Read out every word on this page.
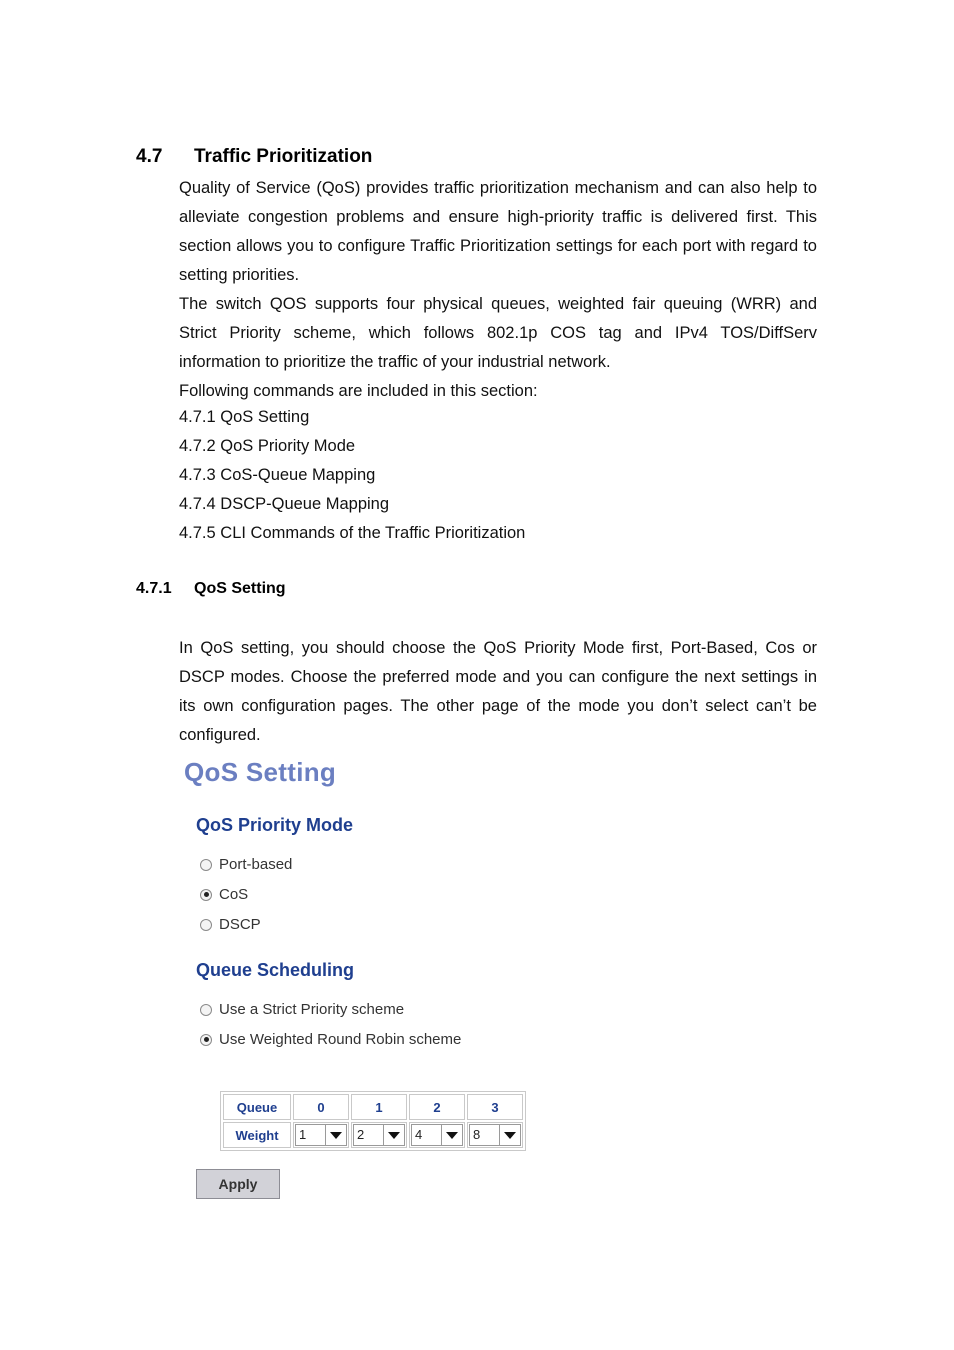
4.7 Traffic Prioritization

Quality of Service (QoS) provides traffic prioritization mechanism and can also help to alleviate congestion problems and ensure high-priority traffic is delivered first. This section allows you to configure Traffic Prioritization settings for each port with regard to setting priorities.

The switch QOS supports four physical queues, weighted fair queuing (WRR) and Strict Priority scheme, which follows 802.1p COS tag and IPv4 TOS/DiffServ information to prioritize the traffic of your industrial network.

Following commands are included in this section:

4.7.1 QoS Setting
4.7.2 QoS Priority Mode
4.7.3 CoS-Queue Mapping
4.7.4 DSCP-Queue Mapping
4.7.5 CLI Commands of the Traffic Prioritization
4.7.1 QoS Setting

In QoS setting, you should choose the QoS Priority Mode first, Port-Based, Cos or DSCP modes. Choose the preferred mode and you can configure the next settings in its own configuration pages. The other page of the mode you don’t select can’t be configured.

QoS Setting
QoS Priority Mode
Port-based
CoS
DSCP
Queue Scheduling
Use a Strict Priority scheme
Use Weighted Round Robin scheme
Queue	0	1	2	3
Weight	1	2	4	8
Apply
